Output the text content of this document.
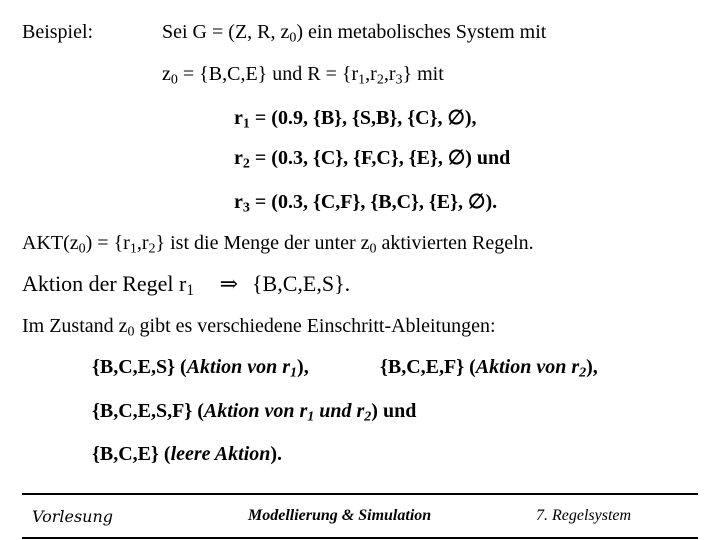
Beispiel:	Sei G = (Z, R, $z_0$) ein metabolisches System mit
$z_0 = \{B,C,E\}$ und $R = \{r_1,r_2,r_3\}$ mit
$r_1 = (0.9$, {B}, {S,B}, {C}, ∅),
$r_2 = (0.3$, {C}, {F,C}, {E}, ∅) und
$r_3 = (0.3$, {C,F}, {B,C}, {E}, ∅).
$AKT(z_0) = \{r_1,r_2\}$ ist die Menge der unter $z_0$ aktivierten Regeln.
Aktion der Regel $r_1$ ⇒ {B,C,E,S}.
Im Zustand $z_0$ gibt es verschiedene Einschritt-Ableitungen:
{B,C,E,S} (Aktion von $r_1$),	{B,C,E,F} (Aktion von $r_2$),
{B,C,E,S,F} (Aktion von $r_1$ und $r_2$) und
{B,C,E} (leere Aktion).
Vorlesung	Modellierung & Simulation	7. Regelsystem
